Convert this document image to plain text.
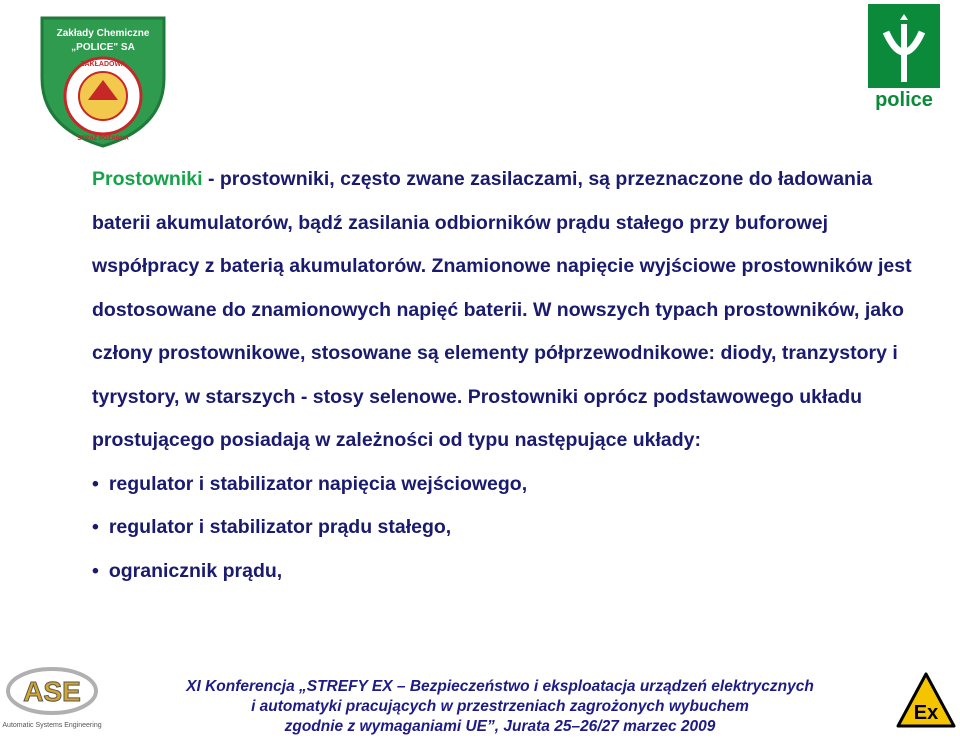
Zakłady Chemiczne
„POLICE" SA
ZAKŁADOWA
STRAŻ POŻARNA
police
Prostowniki - prostowniki, często zwane zasilaczami, są przeznaczone do ładowania baterii akumulatorów, bądź zasilania odbiorników prądu stałego przy buforowej współpracy z baterią akumulatorów. Znamionowe napięcie wyjściowe prostowników jest dostosowane do znamionowych napięć baterii. W nowszych typach prostowników, jako człony prostownikowe, stosowane są elementy półprzewodnikowe: diody, tranzystory i tyrystory, w starszych - stosy selenowe. Prostowniki oprócz podstawowego układu prostującego posiadają w zależności od typu następujące układy:
• regulator i stabilizator napięcia wejściowego,
• regulator i stabilizator prądu stałego,
• ogranicznik prądu,
ASE
Automatic Systems Engineering
Ex
XI Konferencja „STREFY EX – Bezpieczeństwo i eksploatacja urządzeń elektrycznych
i automatyki pracujących w przestrzeniach zagrożonych wybuchem
zgodnie z wymaganiami UE”, Jurata 25–26/27 marzec 2009
